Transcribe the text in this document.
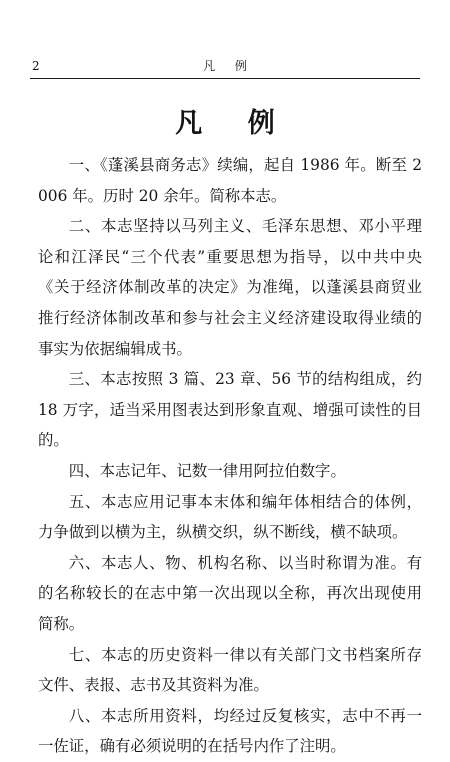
2	凡 例
凡 例

一、《蓬溪县商务志》续编，起自 1986 年。断至 2006 年。历时 20 余年。简称本志。

二、本志坚持以马列主义、毛泽东思想、邓小平理论和江泽民“三个代表”重要思想为指导，以中共中央《关于经济体制改革的决定》为准绳，以蓬溪县商贸业推行经济体制改革和参与社会主义经济建设取得业绩的事实为依据编辑成书。

三、本志按照 3 篇、23 章、56 节的结构组成，约 18 万字，适当采用图表达到形象直观、增强可读性的目的。

四、本志记年、记数一律用阿拉伯数字。

五、本志应用记事本末体和编年体相结合的体例，力争做到以横为主，纵横交织，纵不断线，横不缺项。

六、本志人、物、机构名称、以当时称谓为准。有的名称较长的在志中第一次出现以全称，再次出现使用简称。

七、本志的历史资料一律以有关部门文书档案所存文件、表报、志书及其资料为准。

八、本志所用资料，均经过反复核实，志中不再一一佐证，确有必须说明的在括号内作了注明。
